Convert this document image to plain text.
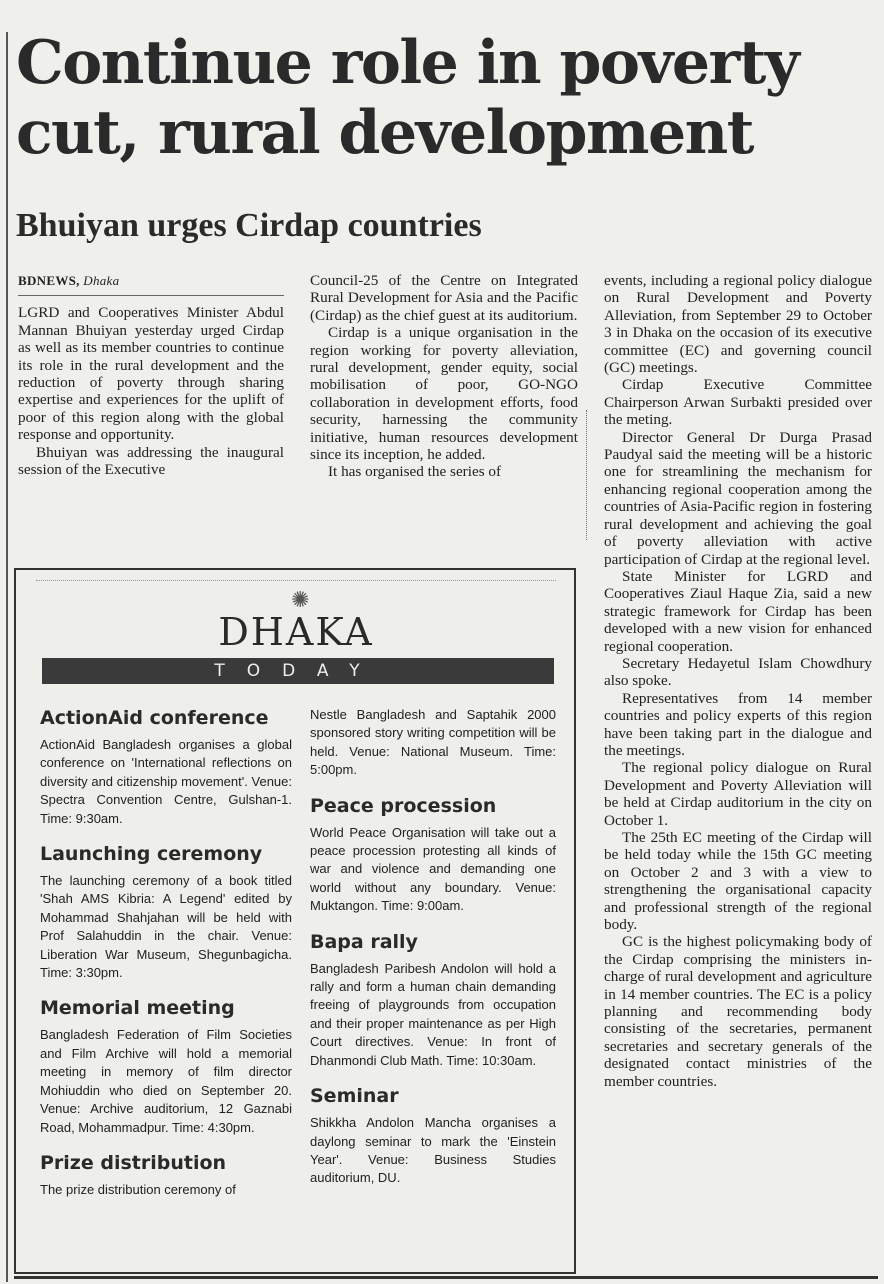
Continue role in poverty cut, rural development
Bhuiyan urges Cirdap countries
BDNEWS, Dhaka

LGRD and Cooperatives Minister Abdul Mannan Bhuiyan yesterday urged Cirdap as well as its member countries to continue its role in the rural development and the reduction of poverty through sharing expertise and experiences for the uplift of poor of this region along with the global response and opportunity.

Bhuiyan was addressing the inaugural session of the Executive

Council-25 of the Centre on Integrated Rural Development for Asia and the Pacific (Cirdap) as the chief guest at its auditorium.

Cirdap is a unique organisation in the region working for poverty alleviation, rural development, gender equity, social mobilisation of poor, GO-NGO collaboration in development efforts, food security, harnessing the community initiative, human resources development since its inception, he added.

It has organised the series of

events, including a regional policy dialogue on Rural Development and Poverty Alleviation, from September 29 to October 3 in Dhaka on the occasion of its executive committee (EC) and governing council (GC) meetings.

Cirdap Executive Committee Chairperson Arwan Surbakti presided over the meting.

Director General Dr Durga Prasad Paudyal said the meeting will be a historic one for streamlining the mechanism for enhancing regional cooperation among the countries of Asia-Pacific region in fostering rural development and achieving the goal of poverty alleviation with active participation of Cirdap at the regional level.

State Minister for LGRD and Cooperatives Ziaul Haque Zia, said a new strategic framework for Cirdap has been developed with a new vision for enhanced regional cooperation.

Secretary Hedayetul Islam Chowdhury also spoke.

Representatives from 14 member countries and policy experts of this region have been taking part in the dialogue and the meetings.

The regional policy dialogue on Rural Development and Poverty Alleviation will be held at Cirdap auditorium in the city on October 1.

The 25th EC meeting of the Cirdap will be held today while the 15th GC meeting on October 2 and 3 with a view to strengthening the organisational capacity and professional strength of the regional body.

GC is the highest policymaking body of the Cirdap comprising the ministers in-charge of rural development and agriculture in 14 member countries. The EC is a policy planning and recommending body consisting of the secretaries, permanent secretaries and secretary generals of the designated contact ministries of the member countries.

✺
DHAKA
TODAY
ActionAid conference

ActionAid Bangladesh organises a global conference on 'International reflections on diversity and citizenship movement'. Venue: Spectra Convention Centre, Gulshan-1. Time: 9:30am.

Launching ceremony

The launching ceremony of a book titled 'Shah AMS Kibria: A Legend' edited by Mohammad Shahjahan will be held with Prof Salahuddin in the chair. Venue: Liberation War Museum, Shegunbagicha. Time: 3:30pm.

Memorial meeting

Bangladesh Federation of Film Societies and Film Archive will hold a memorial meeting in memory of film director Mohiuddin who died on September 20. Venue: Archive auditorium, 12 Gaznabi Road, Mohammadpur. Time: 4:30pm.

Prize distribution

The prize distribution ceremony of

Nestle Bangladesh and Saptahik 2000 sponsored story writing competition will be held. Venue: National Museum. Time: 5:00pm.

Peace procession

World Peace Organisation will take out a peace procession protesting all kinds of war and violence and demanding one world without any boundary. Venue: Muktangon. Time: 9:00am.

Bapa rally

Bangladesh Paribesh Andolon will hold a rally and form a human chain demanding freeing of playgrounds from occupation and their proper maintenance as per High Court directives. Venue: In front of Dhanmondi Club Math. Time: 10:30am.

Seminar

Shikkha Andolon Mancha organises a daylong seminar to mark the 'Einstein Year'. Venue: Business Studies auditorium, DU.
